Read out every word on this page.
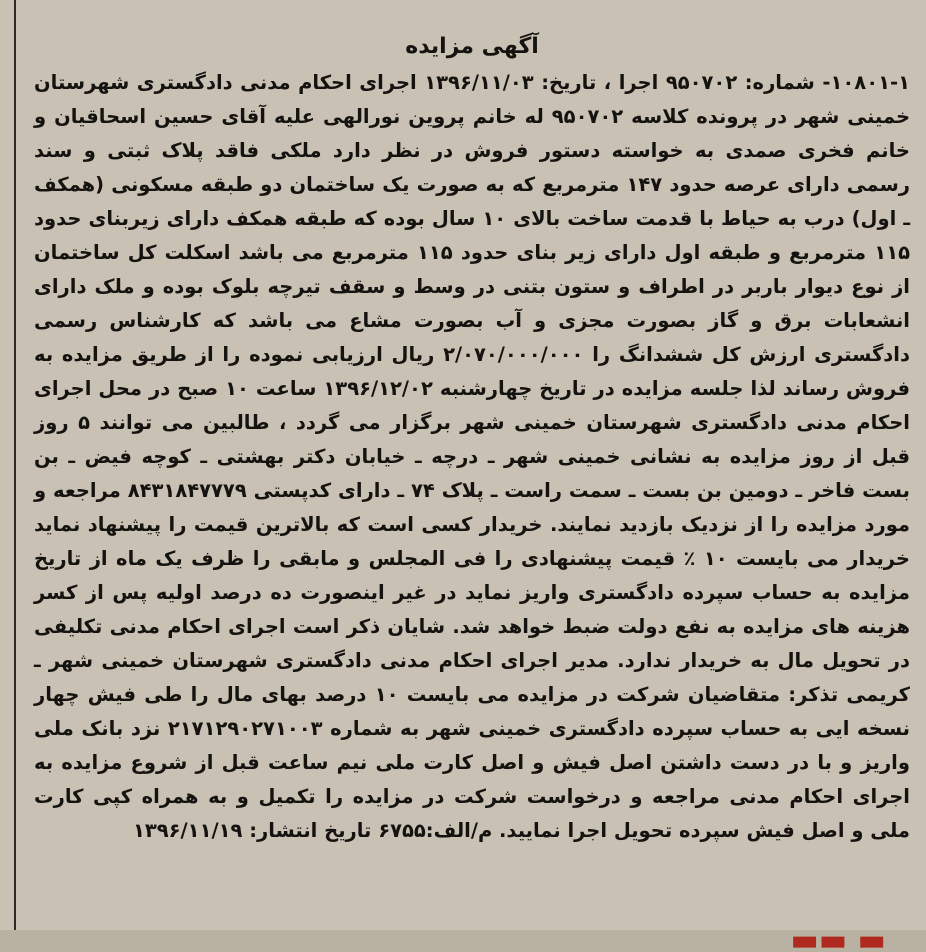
آگهی مزایده

۱۰۸۰۱-۱- شماره: ۹۵۰۷۰۲ اجرا ، تاریخ: ۱۳۹۶/۱۱/۰۳ اجرای احکام مدنی دادگستری شهرستان خمینی شهر در پرونده کلاسه ۹۵۰۷۰۲ له خانم پروین نورالهی علیه آقای حسین اسحاقیان و خانم فخری صمدی به خواسته دستور فروش در نظر دارد ملکی فاقد پلاک ثبتی و سند رسمی دارای عرصه حدود ۱۴۷ مترمربع که به صورت یک ساختمان دو طبقه مسکونی (همکف ـ اول) درب به حیاط با قدمت ساخت بالای ۱۰ سال بوده که طبقه همکف دارای زیربنای حدود ۱۱۵ مترمربع و طبقه اول دارای زیر بنای حدود ۱۱۵ مترمربع می باشد اسکلت کل ساختمان از نوع دیوار باربر در اطراف و ستون بتنی در وسط و سقف تیرچه بلوک بوده و ملک دارای انشعابات برق و گاز بصورت مجزی و آب بصورت مشاع می باشد که کارشناس رسمی دادگستری ارزش کل ششدانگ را ۲/۰۷۰/۰۰۰/۰۰۰ ریال ارزیابی نموده را از طریق مزایده به فروش رساند لذا جلسه مزایده در تاریخ چهارشنبه ۱۳۹۶/۱۲/۰۲ ساعت ۱۰ صبح در محل اجرای احکام مدنی دادگستری شهرستان خمینی شهر برگزار می گردد ، طالبین می توانند ۵ روز قبل از روز مزایده به نشانی خمینی شهر ـ درچه ـ خیابان دکتر بهشتی ـ کوچه فیض ـ بن بست فاخر ـ دومین بن بست ـ سمت راست ـ پلاک ۷۴ ـ دارای کدپستی ۸۴۳۱۸۴۷۷۷۹ مراجعه و مورد مزایده را از نزدیک بازدید نمایند. خریدار کسی است که بالاترین قیمت را پیشنهاد نماید خریدار می بایست ۱۰ ٪ قیمت پیشنهادی را فی المجلس و مابقی را ظرف یک ماه از تاریخ مزایده به حساب سپرده دادگستری واریز نماید در غیر اینصورت ده درصد اولیه پس از کسر هزینه های مزایده به نفع دولت ضبط خواهد شد. شایان ذکر است اجرای احکام مدنی تکلیفی در تحویل مال به خریدار ندارد. مدیر اجرای احکام مدنی دادگستری شهرستان خمینی شهر ـ کریمی تذکر: متقاضیان شرکت در مزایده می بایست ۱۰ درصد بهای مال را طی فیش چهار نسخه ایی به حساب سپرده دادگستری خمینی شهر به شماره ۲۱۷۱۲۹۰۲۷۱۰۰۳ نزد بانک ملی واریز و با در دست داشتن اصل فیش و اصل کارت ملی نیم ساعت قبل از شروع مزایده به اجرای احکام مدنی مراجعه و درخواست شرکت در مزایده را تکمیل و به همراه کپی کارت ملی و اصل فیش سپرده تحویل اجرا نمایید. م/الف:۶۷۵۵ تاریخ انتشار: ۱۳۹۶/۱۱/۱۹

▬ ▬▬
